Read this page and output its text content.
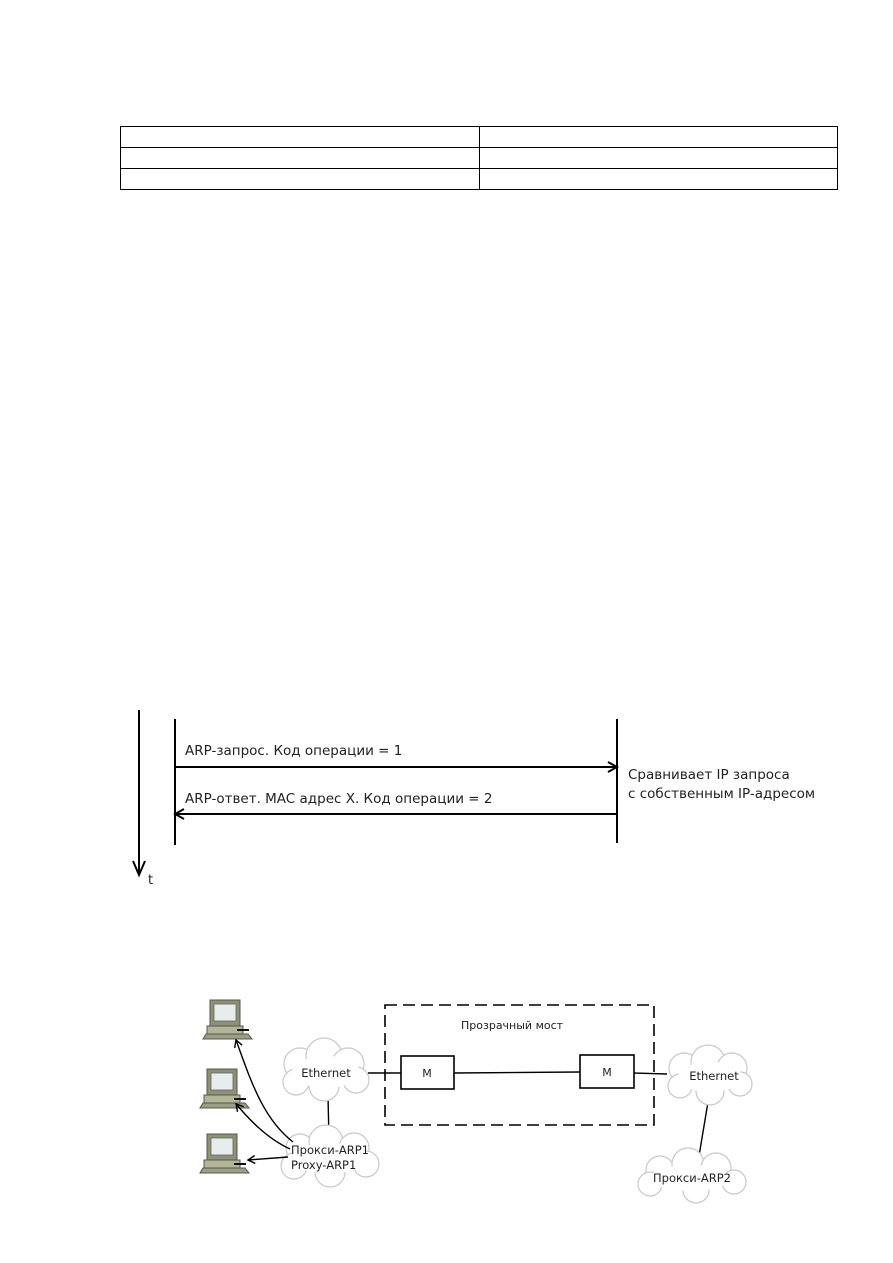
t
ARP-запрос. Код операции = 1
ARP-ответ. MAC адрес X. Код операции = 2
Сравнивает IP запроса
с собственным IP-адресом
Прозрачный мост
M	M
Ethernet	Ethernet
Прокси-ARP1
Proxy-ARP1
Прокси-ARP2
